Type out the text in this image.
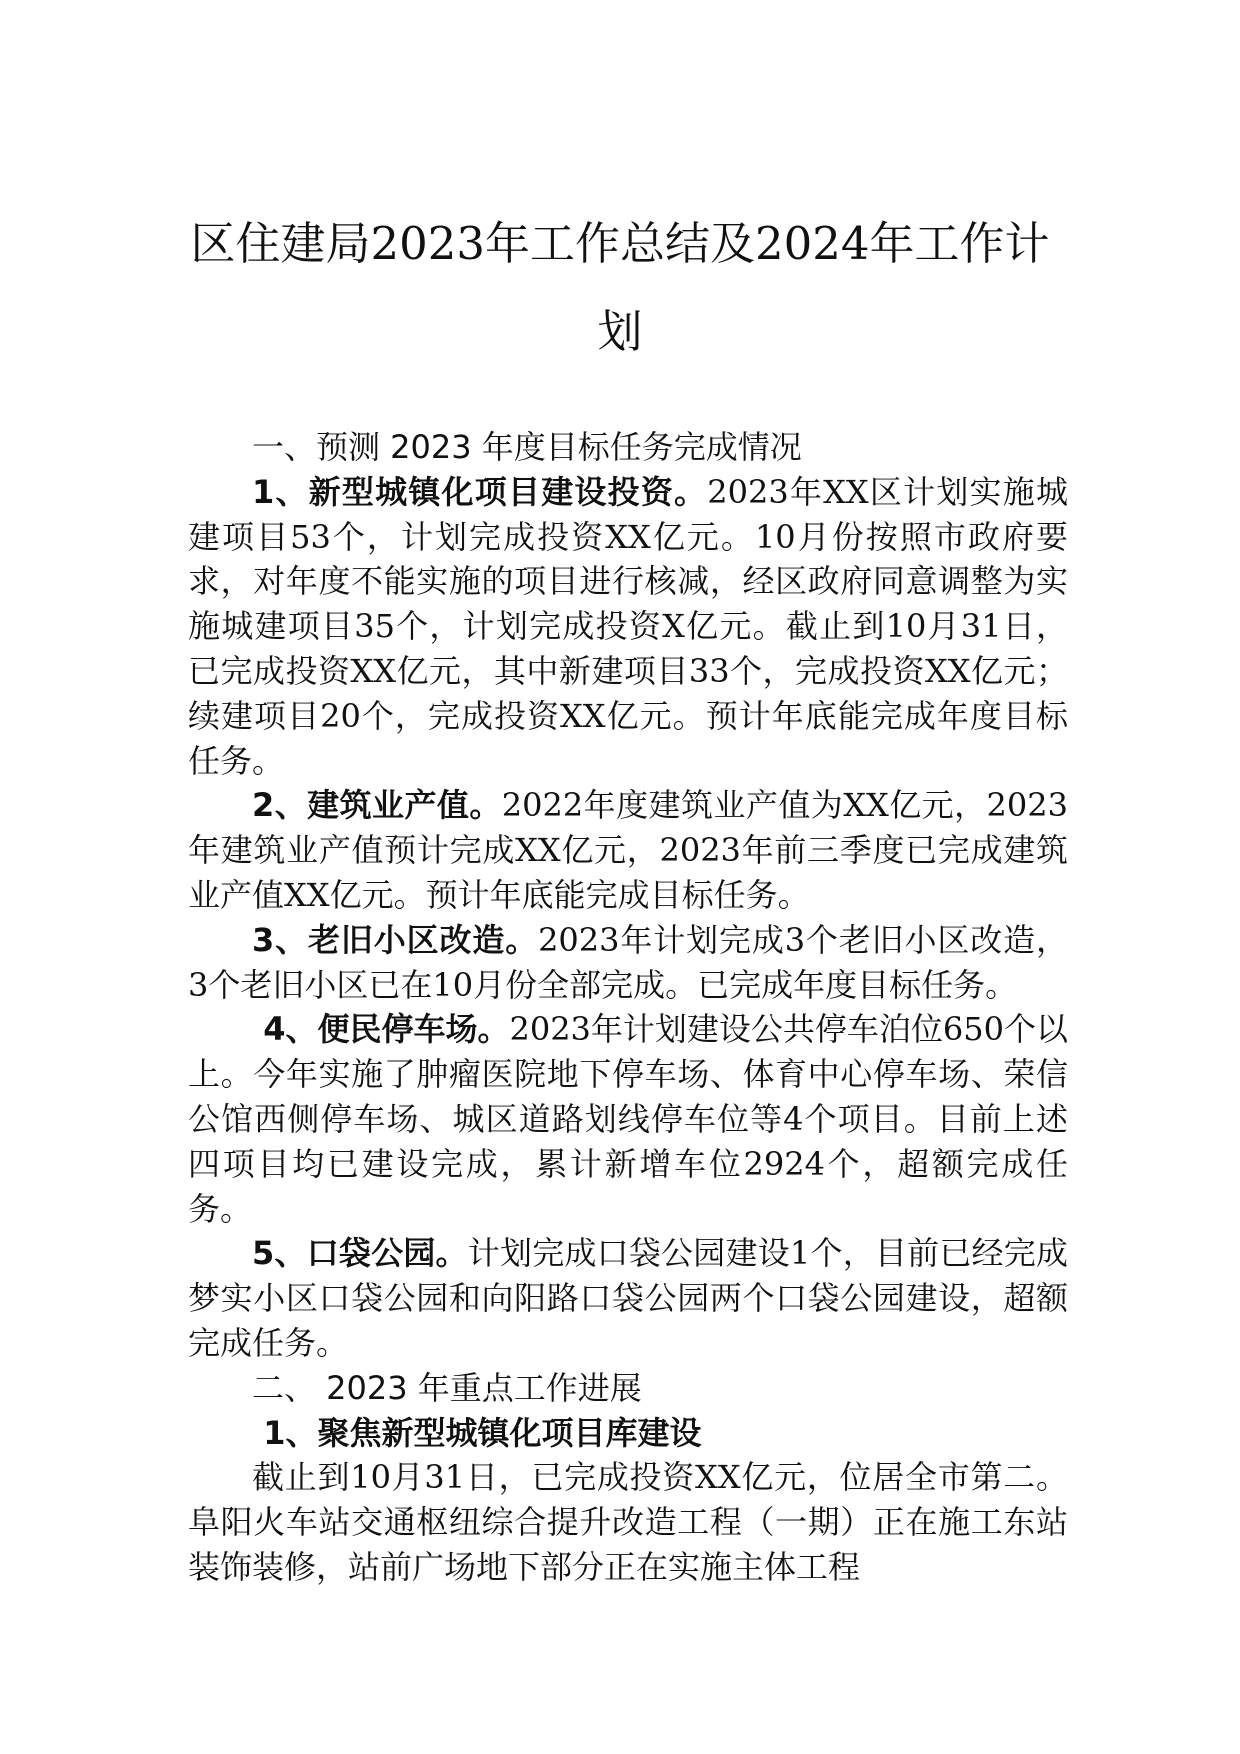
区住建局2023年工作总结及2024年工作计
划

一、预测 2023 年度目标任务完成情况

1、新型城镇化项目建设投资。2023年XX区计划实施城建项目53个，计划完成投资XX亿元。10月份按照市政府要求，对年度不能实施的项目进行核减，经区政府同意调整为实施城建项目35个，计划完成投资X亿元。截止到10月31日，已完成投资XX亿元，其中新建项目33个，完成投资XX亿元；续建项目20个，完成投资XX亿元。预计年底能完成年度目标任务。

2、建筑业产值。2022年度建筑业产值为XX亿元，2023年建筑业产值预计完成XX亿元，2023年前三季度已完成建筑业产值XX亿元。预计年底能完成目标任务。

3、老旧小区改造。2023年计划完成3个老旧小区改造，3个老旧小区已在10月份全部完成。已完成年度目标任务。

4、便民停车场。2023年计划建设公共停车泊位650个以上。今年实施了肿瘤医院地下停车场、体育中心停车场、荣信公馆西侧停车场、城区道路划线停车位等4个项目。目前上述四项目均已建设完成，累计新增车位2924个，超额完成任务。

5、口袋公园。计划完成口袋公园建设1个，目前已经完成梦实小区口袋公园和向阳路口袋公园两个口袋公园建设，超额完成任务。

二、 2023 年重点工作进展

1、聚焦新型城镇化项目库建设

截止到10月31日，已完成投资XX亿元，位居全市第二。阜阳火车站交通枢纽综合提升改造工程（一期）正在施工东站装饰装修，站前广场地下部分正在实施主体工程
